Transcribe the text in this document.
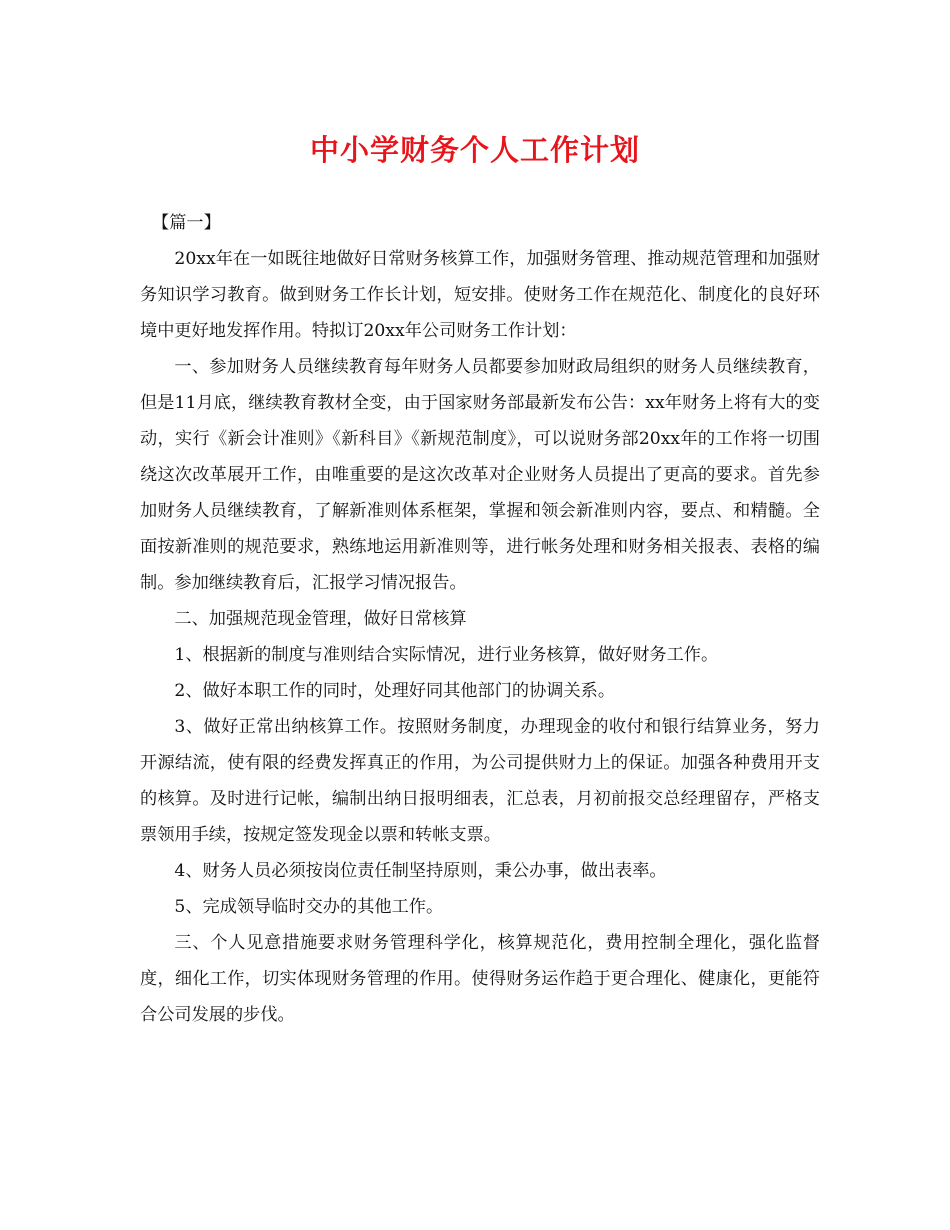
中小学财务个人工作计划

【篇一】

20xx年在一如既往地做好日常财务核算工作，加强财务管理、推动规范管理和加强财务知识学习教育。做到财务工作长计划，短安排。使财务工作在规范化、制度化的良好环境中更好地发挥作用。特拟订20xx年公司财务工作计划：

一、参加财务人员继续教育每年财务人员都要参加财政局组织的财务人员继续教育，但是11月底，继续教育教材全变，由于国家财务部最新发布公告：xx年财务上将有大的变动，实行《新会计准则》《新科目》《新规范制度》，可以说财务部20xx年的工作将一切围绕这次改革展开工作，由唯重要的是这次改革对企业财务人员提出了更高的要求。首先参加财务人员继续教育，了解新准则体系框架，掌握和领会新准则内容，要点、和精髓。全面按新准则的规范要求，熟练地运用新准则等，进行帐务处理和财务相关报表、表格的编制。参加继续教育后，汇报学习情况报告。

二、加强规范现金管理，做好日常核算

1、根据新的制度与准则结合实际情况，进行业务核算，做好财务工作。

2、做好本职工作的同时，处理好同其他部门的协调关系。

3、做好正常出纳核算工作。按照财务制度，办理现金的收付和银行结算业务，努力开源结流，使有限的经费发挥真正的作用，为公司提供财力上的保证。加强各种费用开支的核算。及时进行记帐，编制出纳日报明细表，汇总表，月初前报交总经理留存，严格支票领用手续，按规定签发现金以票和转帐支票。

4、财务人员必须按岗位责任制坚持原则，秉公办事，做出表率。

5、完成领导临时交办的其他工作。

三、个人见意措施要求财务管理科学化，核算规范化，费用控制全理化，强化监督度，细化工作，切实体现财务管理的作用。使得财务运作趋于更合理化、健康化，更能符合公司发展的步伐。
